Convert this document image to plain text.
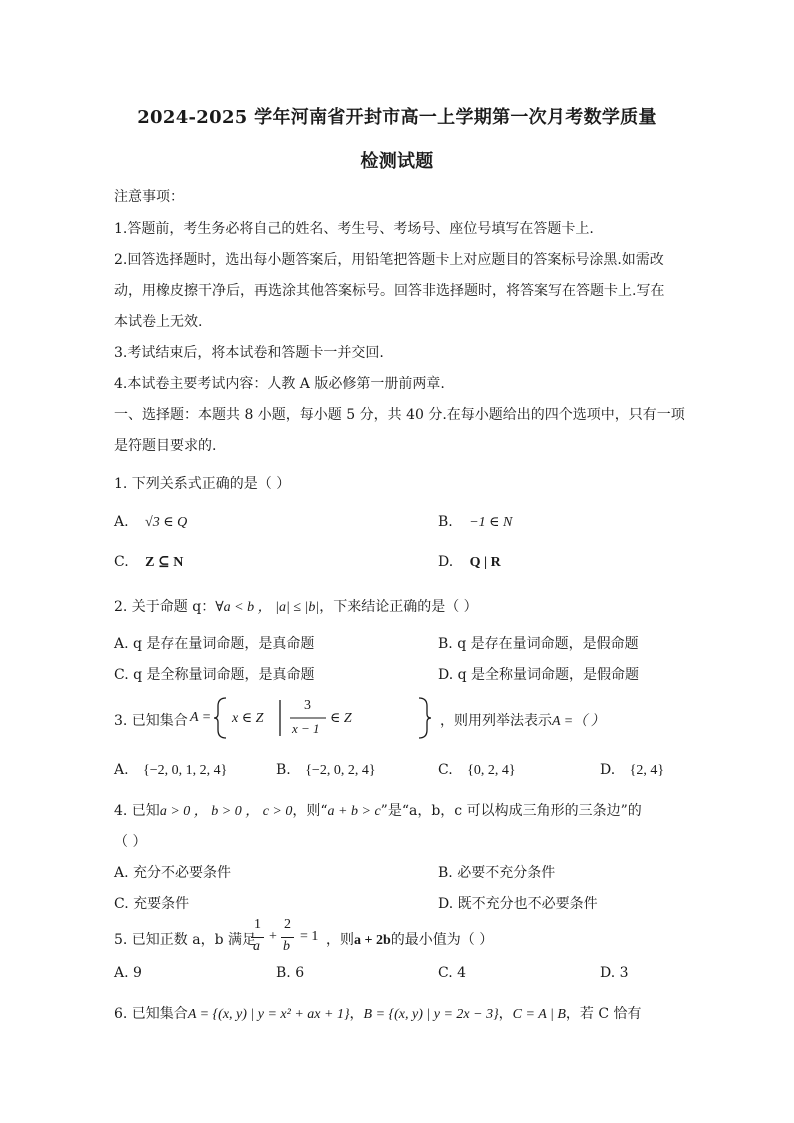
2024-2025 学年河南省开封市高一上学期第一次月考数学质量
检测试题
注意事项：
1.答题前，考生务必将自己的姓名、考生号、考场号、座位号填写在答题卡上.
2.回答选择题时，选出每小题答案后，用铅笔把答题卡上对应题目的答案标号涂黑.如需改
动，用橡皮擦干净后，再选涂其他答案标号。回答非选择题时，将答案写在答题卡上.写在
本试卷上无效.
3.考试结束后，将本试卷和答题卡一并交回.
4.本试卷主要考试内容：人教 A 版必修第一册前两章.
一、选择题：本题共 8 小题，每小题 5 分，共 40 分.在每小题给出的四个选项中，只有一项
是符题目要求的.
1. 下列关系式正确的是（ ）
A. √3 ∈ Q	B. −1 ∈ N
C. Z ⊆ N	D. Q | R
2. 关于命题 q：∀a < b ， |a| ≤ |b|，下来结论正确的是（ ）
A. q 是存在量词命题，是真命题	B. q 是存在量词命题，是假命题
C. q 是全称量词命题，是真命题	D. q 是全称量词命题，是假命题
3. 已知集合 A = x ∈ Z
3
x − 1
∈ Z	，则用列举法表示A =（ ）
A. {−2, 0, 1, 2, 4}	B. {−2, 0, 2, 4}	C. {0, 2, 4}	D. {2, 4}
4. 已知a > 0 ， b > 0 ， c > 0，则“a + b > c”是“a，b，c 可以构成三角形的三条边”的
（ ）
A. 充分不必要条件	B. 必要不充分条件
C. 充要条件	D. 既不充分也不必要条件
5. 已知正数 a，b 满足
1
a
+
2
b
= 1 ，则a + 2b的最小值为（ ）
A. 9	B. 6	C. 4	D. 3
6. 已知集合A = {(x, y) | y = x² + ax + 1}，B = {(x, y) | y = 2x − 3}，C = A | B，若 C 恰有
